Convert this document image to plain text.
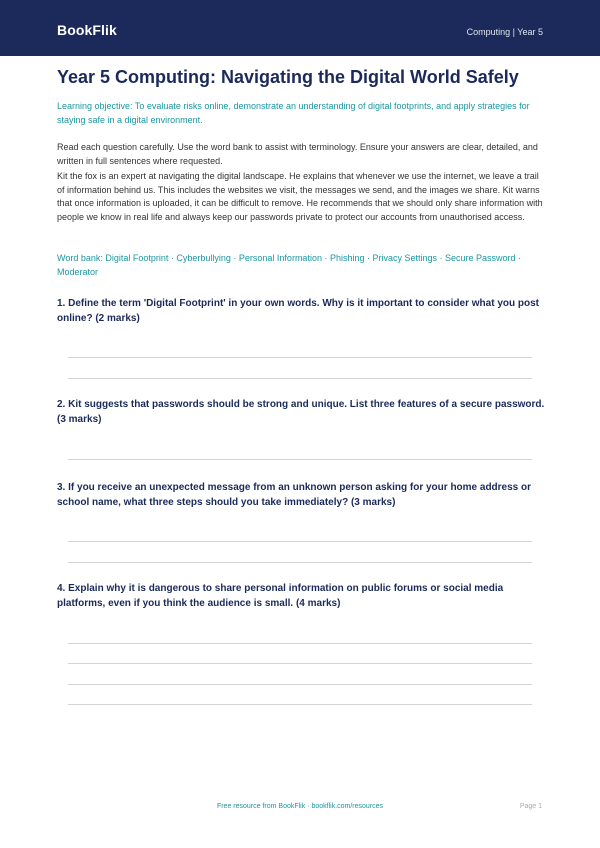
BookFlik	Computing | Year 5
Year 5 Computing: Navigating the Digital World Safely

Learning objective: To evaluate risks online, demonstrate an understanding of digital footprints, and apply strategies for staying safe in a digital environment.

Read each question carefully. Use the word bank to assist with terminology. Ensure your answers are clear, detailed, and written in full sentences where requested.

Kit the fox is an expert at navigating the digital landscape. He explains that whenever we use the internet, we leave a trail of information behind us. This includes the websites we visit, the messages we send, and the images we share. Kit warns that once information is uploaded, it can be difficult to remove. He recommends that we should only share information with people we know in real life and always keep our passwords private to protect our accounts from unauthorised access.

Word bank: Digital Footprint · Cyberbullying · Personal Information · Phishing · Privacy Settings · Secure Password · Moderator

1. Define the term 'Digital Footprint' in your own words. Why is it important to consider what you post online? (2 marks)

2. Kit suggests that passwords should be strong and unique. List three features of a secure password. (3 marks)

3. If you receive an unexpected message from an unknown person asking for your home address or school name, what three steps should you take immediately? (3 marks)

4. Explain why it is dangerous to share personal information on public forums or social media platforms, even if you think the audience is small. (4 marks)

Free resource from BookFlik · bookflik.com/resources	Page 1
